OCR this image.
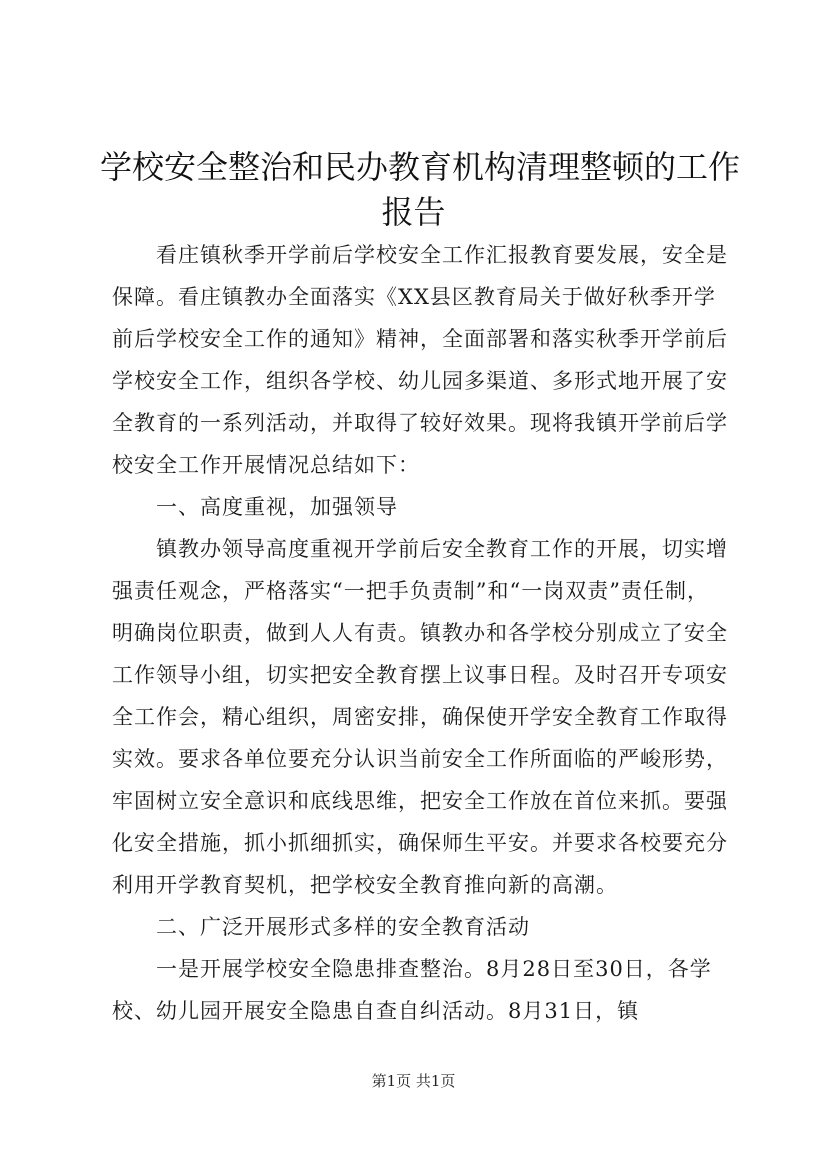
学校安全整治和民办教育机构清理整顿的工作
报告
　　看庄镇秋季开学前后学校安全工作汇报教育要发展，安全是
保障。看庄镇教办全面落实《XX县区教育局关于做好秋季开学
前后学校安全工作的通知》精神，全面部署和落实秋季开学前后
学校安全工作，组织各学校、幼儿园多渠道、多形式地开展了安
全教育的一系列活动，并取得了较好效果。现将我镇开学前后学
校安全工作开展情况总结如下：
　　一、高度重视，加强领导
　　镇教办领导高度重视开学前后安全教育工作的开展，切实增
强责任观念，严格落实“一把手负责制”和“一岗双责”责任制，
明确岗位职责，做到人人有责。镇教办和各学校分别成立了安全
工作领导小组，切实把安全教育摆上议事日程。及时召开专项安
全工作会，精心组织，周密安排，确保使开学安全教育工作取得
实效。要求各单位要充分认识当前安全工作所面临的严峻形势，
牢固树立安全意识和底线思维，把安全工作放在首位来抓。要强
化安全措施，抓小抓细抓实，确保师生平安。并要求各校要充分
利用开学教育契机，把学校安全教育推向新的高潮。
　　二、广泛开展形式多样的安全教育活动
　　一是开展学校安全隐患排查整治。8月28日至30日，各学
校、幼儿园开展安全隐患自查自纠活动。8月31日，镇
第1页 共1页
